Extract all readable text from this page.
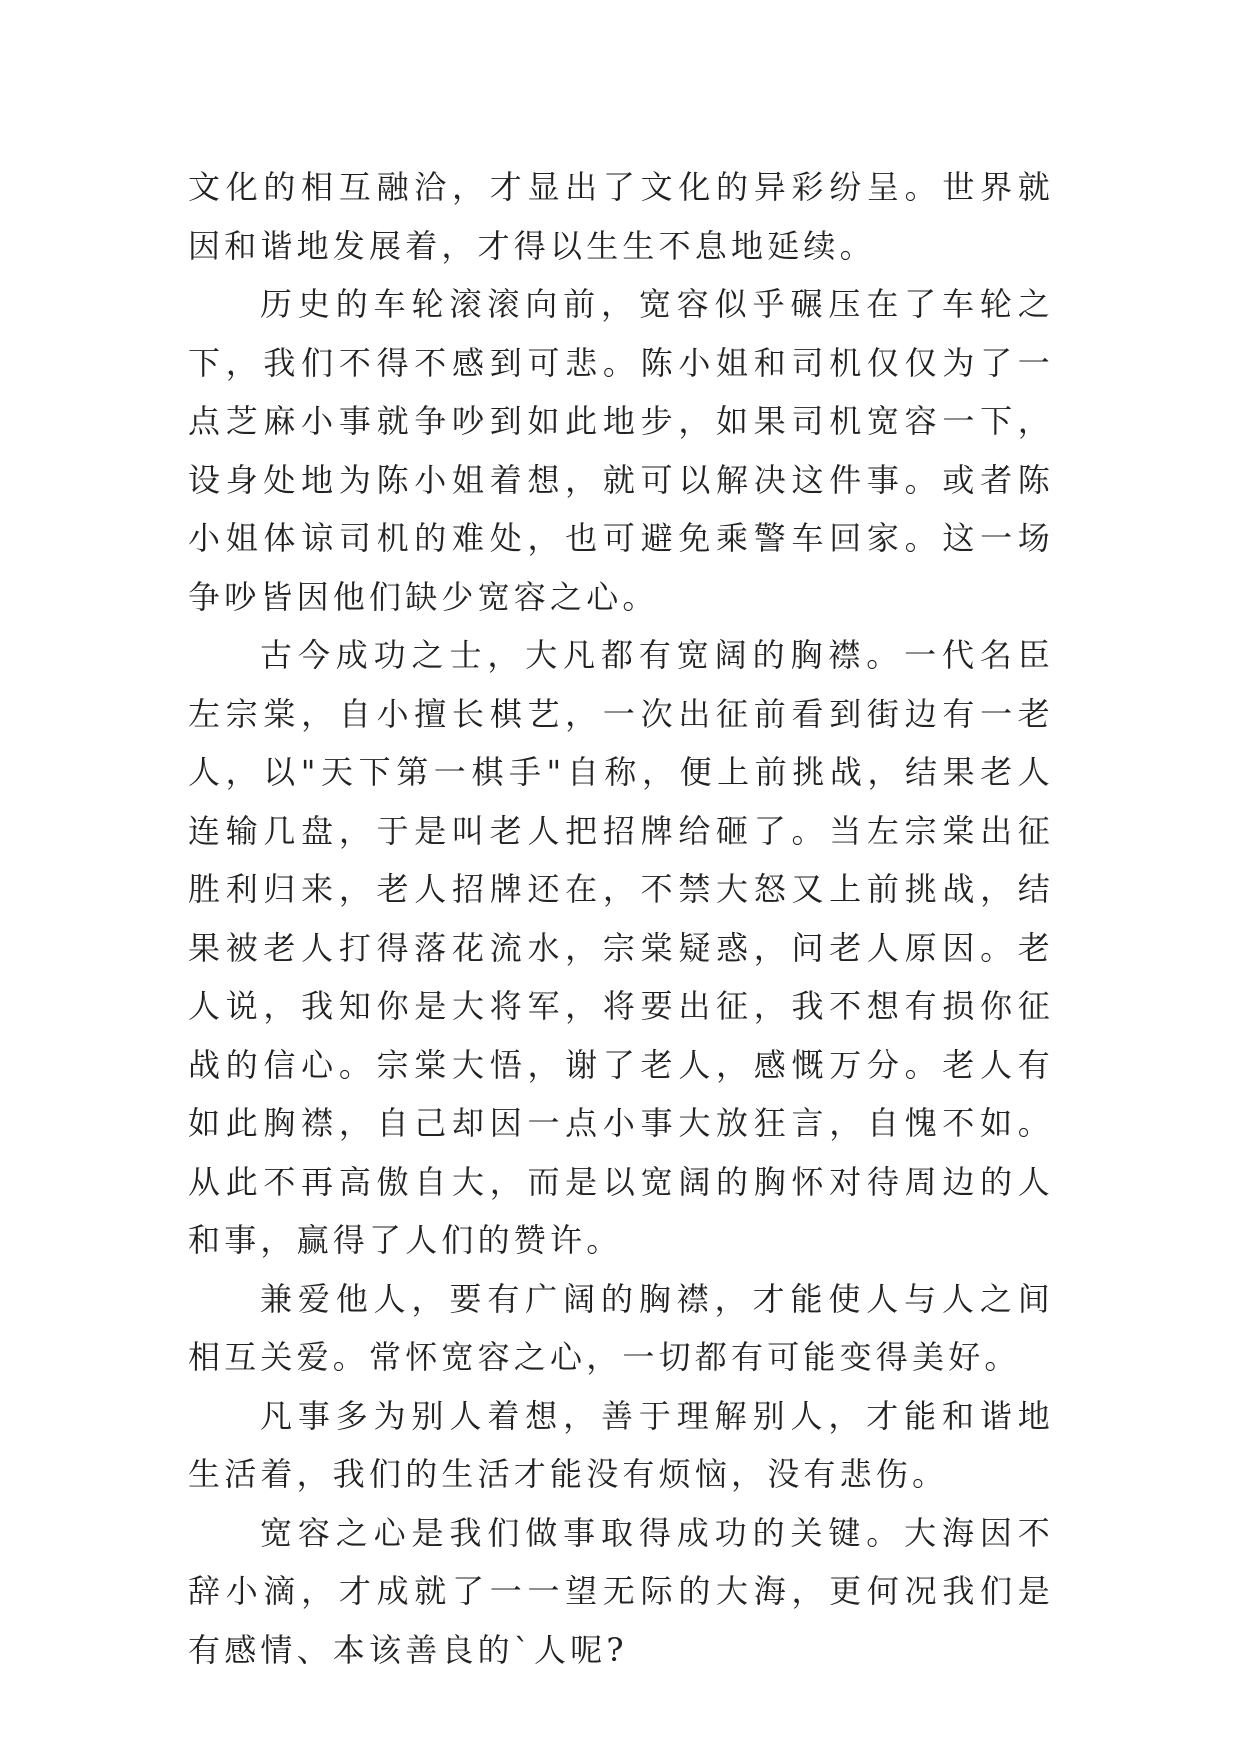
文化的相互融洽，才显出了文化的异彩纷呈。世界就因和谐地发展着，才得以生生不息地延续。

历史的车轮滚滚向前，宽容似乎碾压在了车轮之下，我们不得不感到可悲。陈小姐和司机仅仅为了一点芝麻小事就争吵到如此地步，如果司机宽容一下，设身处地为陈小姐着想，就可以解决这件事。或者陈小姐体谅司机的难处，也可避免乘警车回家。这一场争吵皆因他们缺少宽容之心。

古今成功之士，大凡都有宽阔的胸襟。一代名臣左宗棠，自小擅长棋艺，一次出征前看到街边有一老人，以"天下第一棋手"自称，便上前挑战，结果老人连输几盘，于是叫老人把招牌给砸了。当左宗棠出征胜利归来，老人招牌还在，不禁大怒又上前挑战，结果被老人打得落花流水，宗棠疑惑，问老人原因。老人说，我知你是大将军，将要出征，我不想有损你征战的信心。宗棠大悟，谢了老人，感慨万分。老人有如此胸襟，自己却因一点小事大放狂言，自愧不如。从此不再高傲自大，而是以宽阔的胸怀对待周边的人和事，赢得了人们的赞许。

兼爱他人，要有广阔的胸襟，才能使人与人之间相互关爱。常怀宽容之心，一切都有可能变得美好。

凡事多为别人着想，善于理解别人，才能和谐地生活着，我们的生活才能没有烦恼，没有悲伤。

宽容之心是我们做事取得成功的关键。大海因不辞小滴，才成就了一一望无际的大海，更何况我们是有感情、本该善良的`人呢?
